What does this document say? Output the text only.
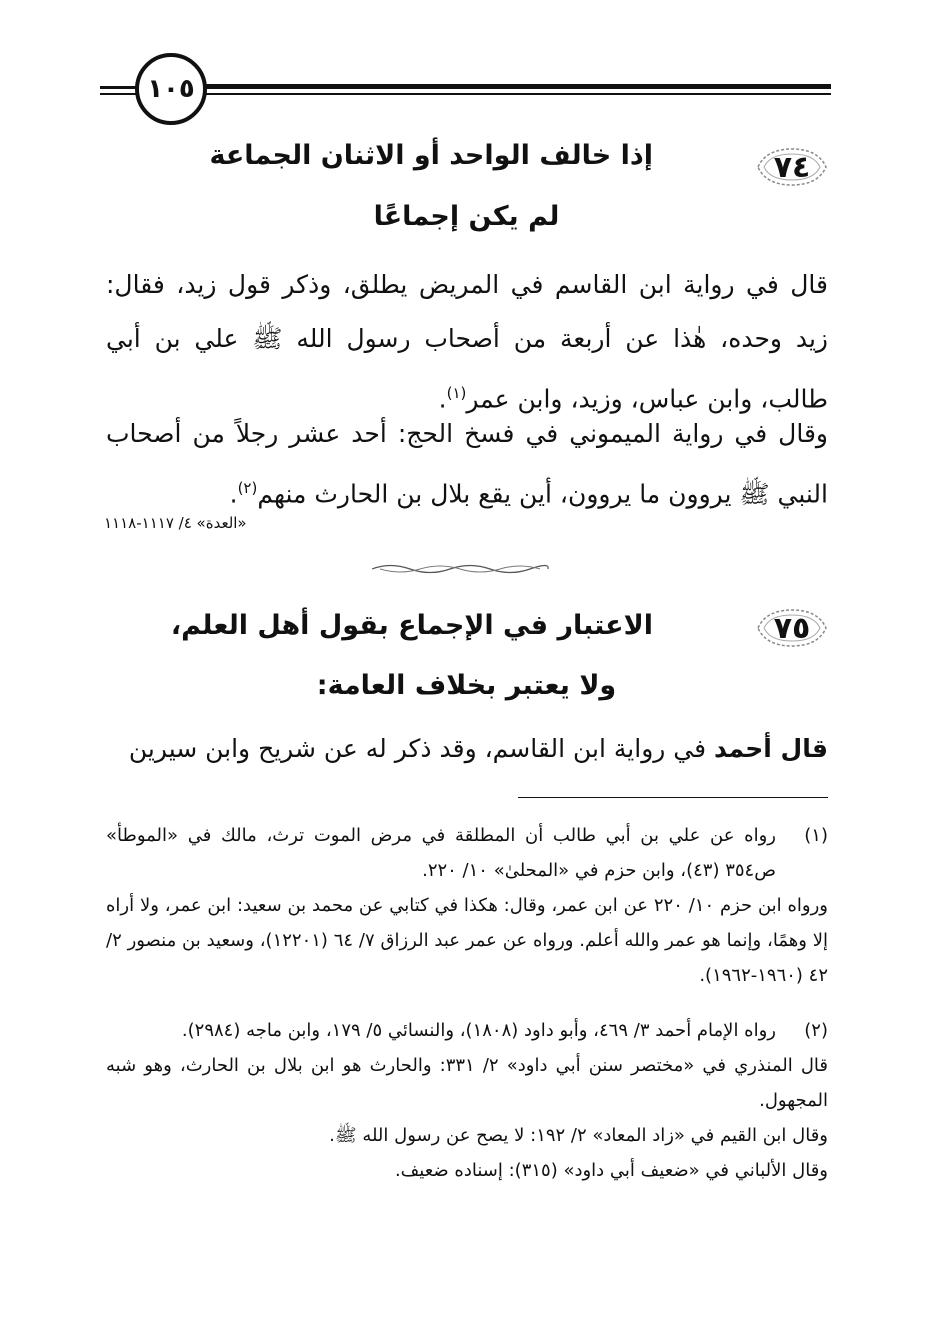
١٠٥
٧٤
إذا خالف الواحد أو الاثنان الجماعة
لم يكن إجماعًا

قال في رواية ابن القاسم في المريض يطلق، وذكر قول زيد، فقال: زيد وحده، هٰذا عن أربعة من أصحاب رسول الله ﷺ علي بن أبي طالب، وابن عباس، وزيد، وابن عمر$^{(١)}$.

وقال في رواية الميموني في فسخ الحج: أحد عشر رجلاً من أصحاب النبي ﷺ يروون ما يروون، أين يقع بلال بن الحارث منهم$^{(٢)}$.

«العدة» ٤/ ١١١٧-١١١٨
٧٥
الاعتبار في الإجماع بقول أهل العلم،
ولا يعتبر بخلاف العامة:

قال أحمد في رواية ابن القاسم، وقد ذكر له عن شريح وابن سيرين

(١)
رواه عن علي بن أبي طالب أن المطلقة في مرض الموت ترث، مالك في «الموطأ» ص٣٥٤ (٤٣)، وابن حزم في «المحلىٰ» ١٠/ ٢٢٠.
ورواه ابن حزم ١٠/ ٢٢٠ عن ابن عمر، وقال: هكذا في كتابي عن محمد بن سعيد: ابن عمر، ولا أراه إلا وهمًا، وإنما هو عمر والله أعلم. ورواه عن عمر عبد الرزاق ٧/ ٦٤ (١٢٢٠١)، وسعيد بن منصور ٢/ ٤٢ (١٩٦٠-١٩٦٢).
(٢)
رواه الإمام أحمد ٣/ ٤٦٩، وأبو داود (١٨٠٨)، والنسائي ٥/ ١٧٩، وابن ماجه (٢٩٨٤).
قال المنذري في «مختصر سنن أبي داود» ٢/ ٣٣١: والحارث هو ابن بلال بن الحارث، وهو شبه المجهول.
وقال ابن القيم في «زاد المعاد» ٢/ ١٩٢: لا يصح عن رسول الله ﷺ.
وقال الألباني في «ضعيف أبي داود» (٣١٥): إسناده ضعيف.
